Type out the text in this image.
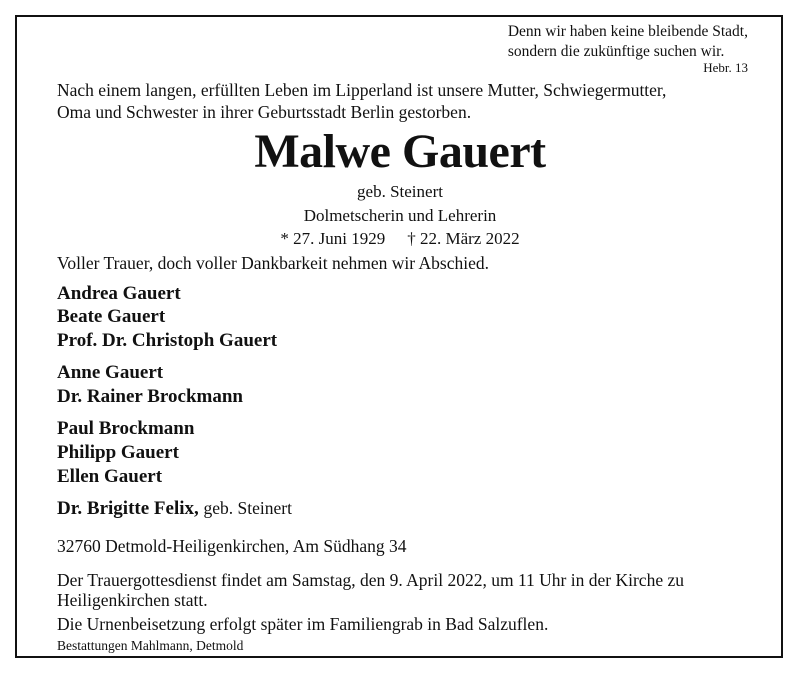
Denn wir haben keine bleibende Stadt,
sondern die zukünftige suchen wir.
Hebr. 13
Nach einem langen, erfüllten Leben im Lipperland ist unsere Mutter, Schwiegermutter,
Oma und Schwester in ihrer Geburtsstadt Berlin gestorben.
Malwe Gauert
geb. Steinert
Dolmetscherin und Lehrerin
* 27. Juni 1929 † 22. März 2022
Voller Trauer, doch voller Dankbarkeit nehmen wir Abschied.
Andrea Gauert
Beate Gauert
Prof. Dr. Christoph Gauert
Anne Gauert
Dr. Rainer Brockmann
Paul Brockmann
Philipp Gauert
Ellen Gauert
Dr. Brigitte Felix, geb. Steinert
32760 Detmold-Heiligenkirchen, Am Südhang 34
Der Trauergottesdienst findet am Samstag, den 9. April 2022, um 11 Uhr in der Kirche zu
Heiligenkirchen statt.
Die Urnenbeisetzung erfolgt später im Familiengrab in Bad Salzuflen.
Bestattungen Mahlmann, Detmold
